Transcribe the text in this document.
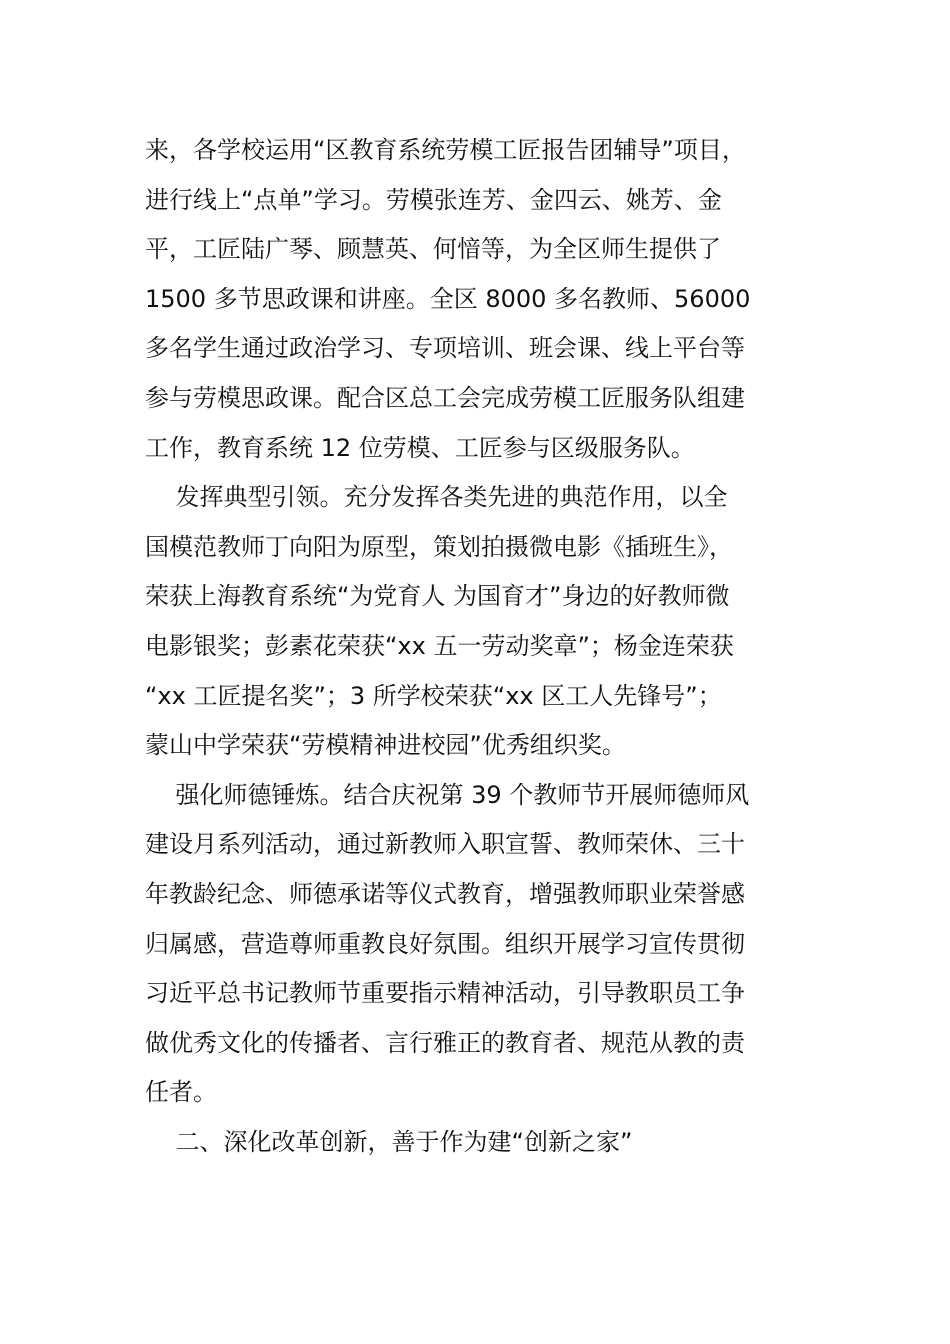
来，各学校运用“区教育系统劳模工匠报告团辅导”项目，
进行线上“点单”学习。劳模张连芳、金四云、姚芳、金
平，工匠陆广琴、顾慧英、何愔等，为全区师生提供了
1500 多节思政课和讲座。全区 8000 多名教师、56000
多名学生通过政治学习、专项培训、班会课、线上平台等
参与劳模思政课。配合区总工会完成劳模工匠服务队组建
工作，教育系统 12 位劳模、工匠参与区级服务队。
发挥典型引领。充分发挥各类先进的典范作用，以全
国模范教师丁向阳为原型，策划拍摄微电影《插班生》，
荣获上海教育系统“为党育人 为国育才”身边的好教师微
电影银奖；彭素花荣获“xx 五一劳动奖章”；杨金连荣获
“xx 工匠提名奖”；3 所学校荣获“xx 区工人先锋号”；
蒙山中学荣获“劳模精神进校园”优秀组织奖。
强化师德锤炼。结合庆祝第 39 个教师节开展师德师风
建设月系列活动，通过新教师入职宣誓、教师荣休、三十
年教龄纪念、师德承诺等仪式教育，增强教师职业荣誉感
归属感，营造尊师重教良好氛围。组织开展学习宣传贯彻
习近平总书记教师节重要指示精神活动，引导教职员工争
做优秀文化的传播者、言行雅正的教育者、规范从教的责
任者。
二、深化改革创新，善于作为建“创新之家”
